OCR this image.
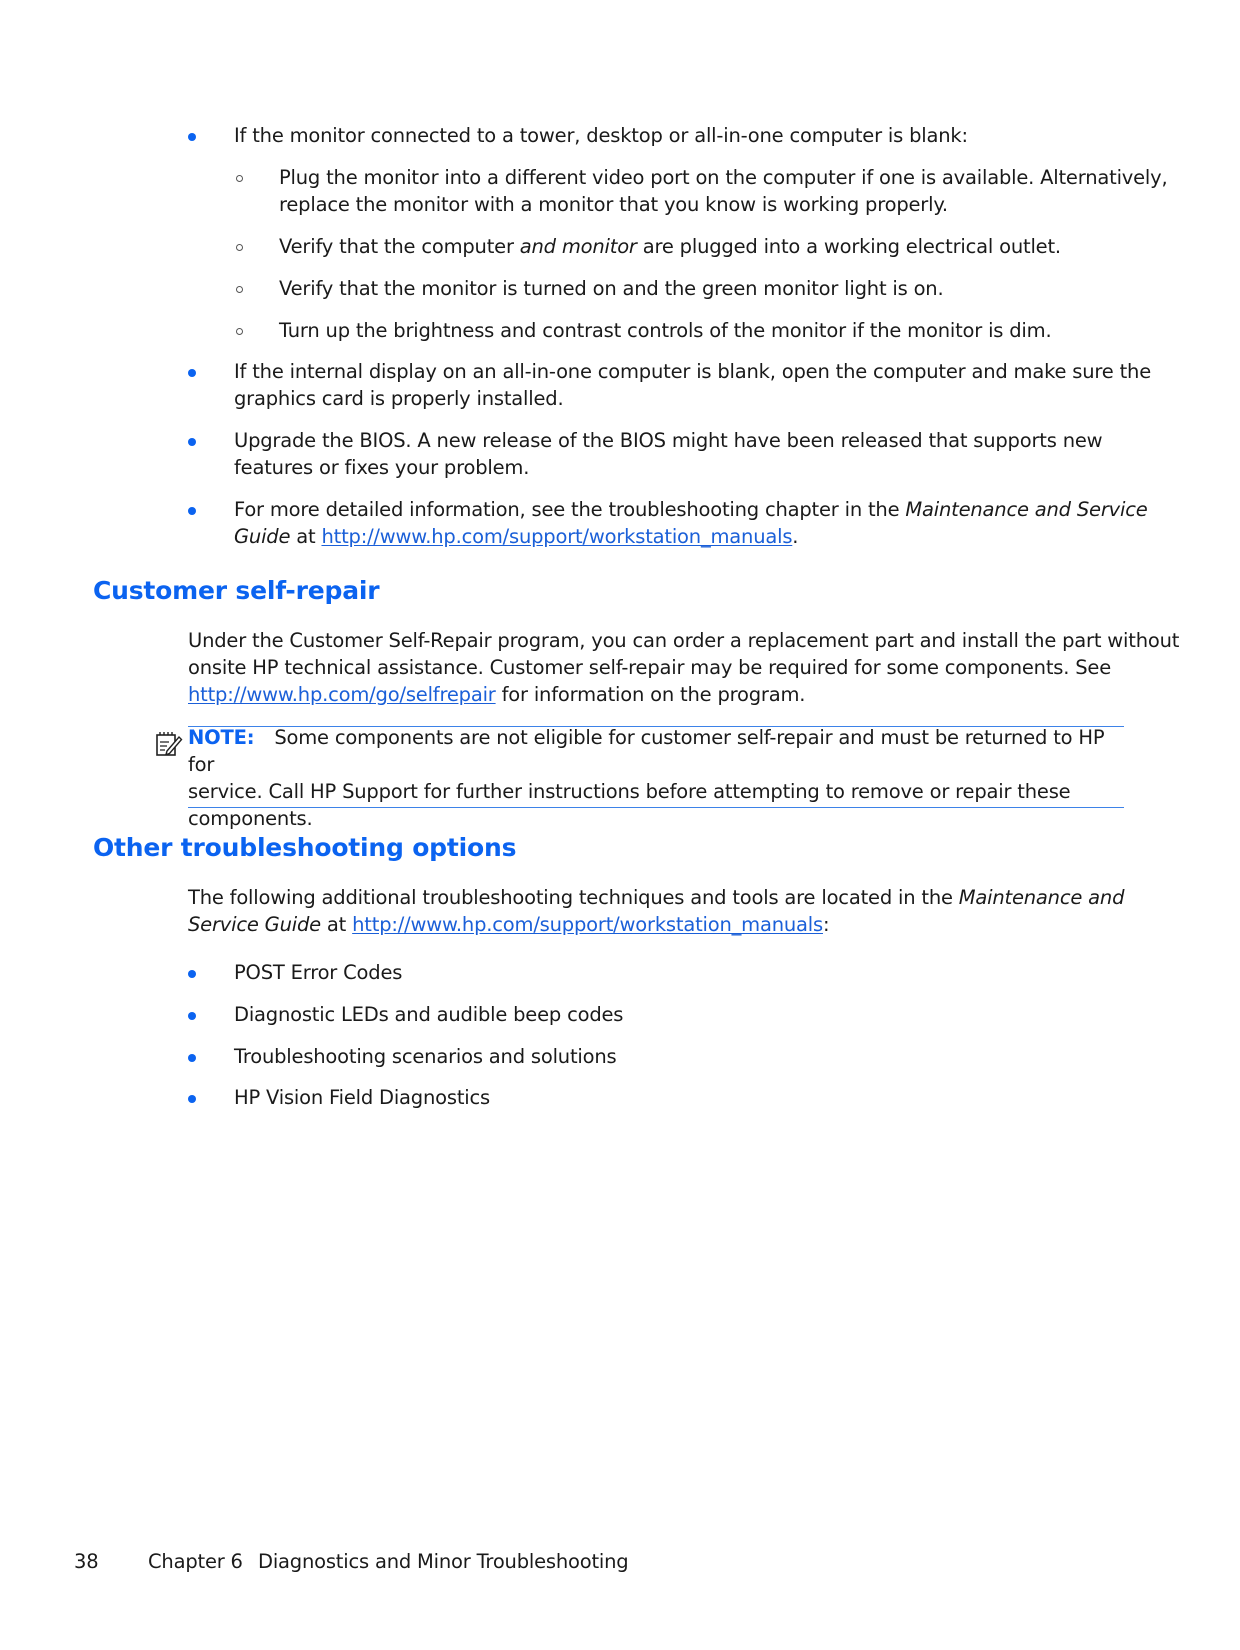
If the monitor connected to a tower, desktop or all-in-one computer is blank:
Plug the monitor into a different video port on the computer if one is available. Alternatively,
replace the monitor with a monitor that you know is working properly.
Verify that the computer and monitor are plugged into a working electrical outlet.
Verify that the monitor is turned on and the green monitor light is on.
Turn up the brightness and contrast controls of the monitor if the monitor is dim.
If the internal display on an all-in-one computer is blank, open the computer and make sure the
graphics card is properly installed.
Upgrade the BIOS. A new release of the BIOS might have been released that supports new
features or fixes your problem.
For more detailed information, see the troubleshooting chapter in the Maintenance and Service
Guide at http://www.hp.com/support/workstation_manuals.
Customer self-repair
Under the Customer Self-Repair program, you can order a replacement part and install the part without
onsite HP technical assistance. Customer self-repair may be required for some components. See
http://www.hp.com/go/selfrepair for information on the program.
NOTE: Some components are not eligible for customer self-repair and must be returned to HP for
service. Call HP Support for further instructions before attempting to remove or repair these
components.
Other troubleshooting options
The following additional troubleshooting techniques and tools are located in the Maintenance and
Service Guide at http://www.hp.com/support/workstation_manuals:
POST Error Codes
Diagnostic LEDs and audible beep codes
Troubleshooting scenarios and solutions
HP Vision Field Diagnostics
38	Chapter 6 Diagnostics and Minor Troubleshooting
